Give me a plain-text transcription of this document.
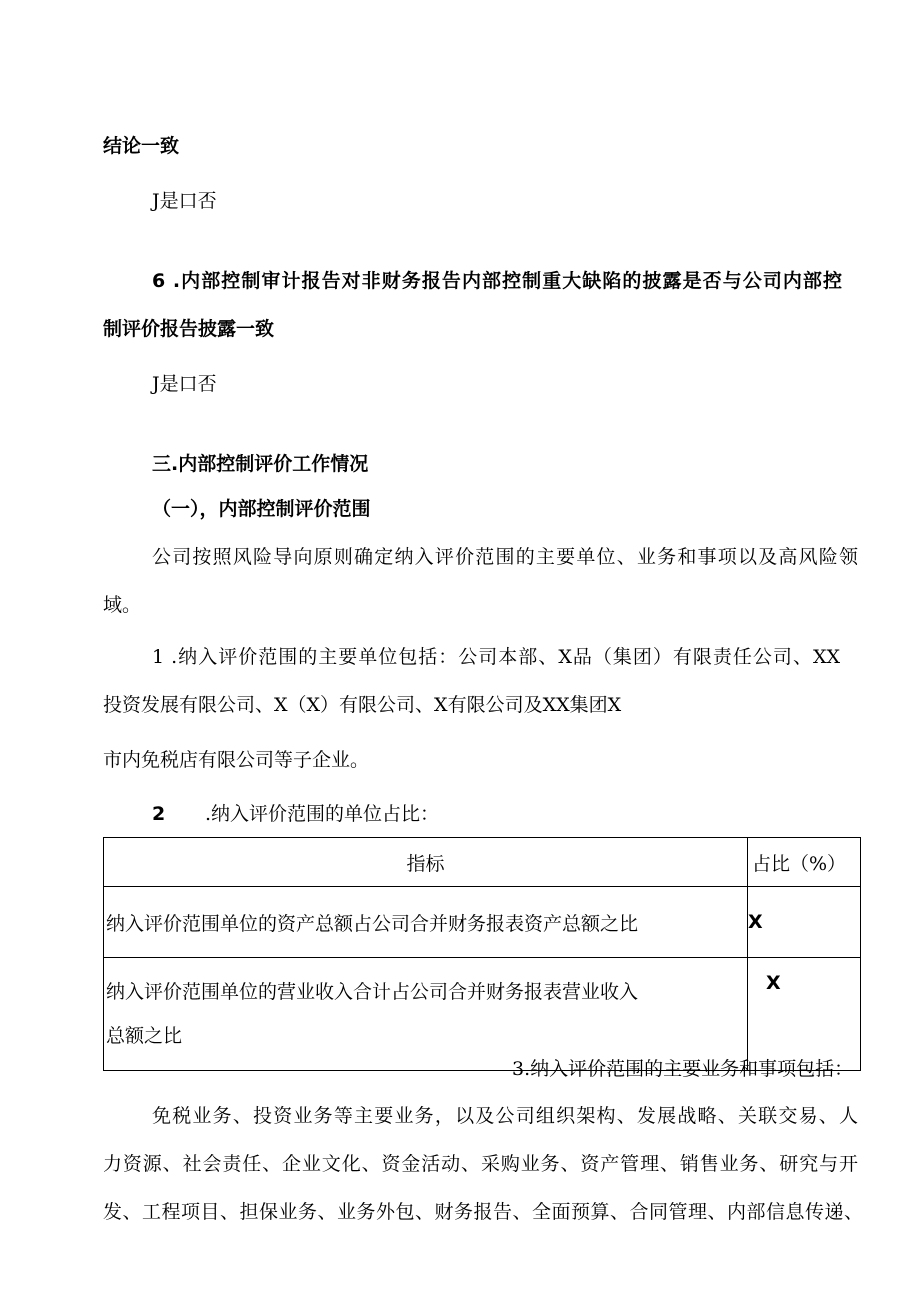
结论一致
J是口否
6 .内部控制审计报告对非财务报告内部控制重大缺陷的披露是否与公司内部控
制评价报告披露一致
J是口否
三.内部控制评价工作情况
（一），内部控制评价范围
公司按照风险导向原则确定纳入评价范围的主要单位、业务和事项以及高风险领
域。
1 .纳入评价范围的主要单位包括：公司本部、X品（集团）有限责任公司、XX
投资发展有限公司、X（X）有限公司、X有限公司及XX集团X
市内免税店有限公司等子企业。
2 .纳入评价范围的单位占比：
指标	占比（%）

纳入评价范围单位的资产总额占公司合并财务报表资产总额之比	X

纳入评价范围单位的营业收入合计占公司合并财务报表营业收入
总额之比	X
3.纳入评价范围的主要业务和事项包括：
免税业务、投资业务等主要业务，以及公司组织架构、发展战略、关联交易、人
力资源、社会责任、企业文化、资金活动、采购业务、资产管理、销售业务、研究与开
发、工程项目、担保业务、业务外包、财务报告、全面预算、合同管理、内部信息传递、
